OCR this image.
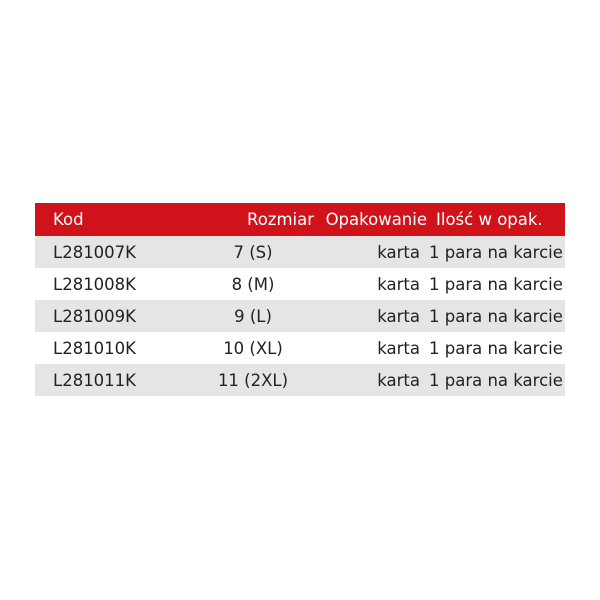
Kod	Rozmiar	Opakowanie	Ilość w opak.
L281007K	7 (S)	karta	1 para na karcie
L281008K	8 (M)	karta	1 para na karcie
L281009K	9 (L)	karta	1 para na karcie
L281010K	10 (XL)	karta	1 para na karcie
L281011K	11 (2XL)	karta	1 para na karcie
